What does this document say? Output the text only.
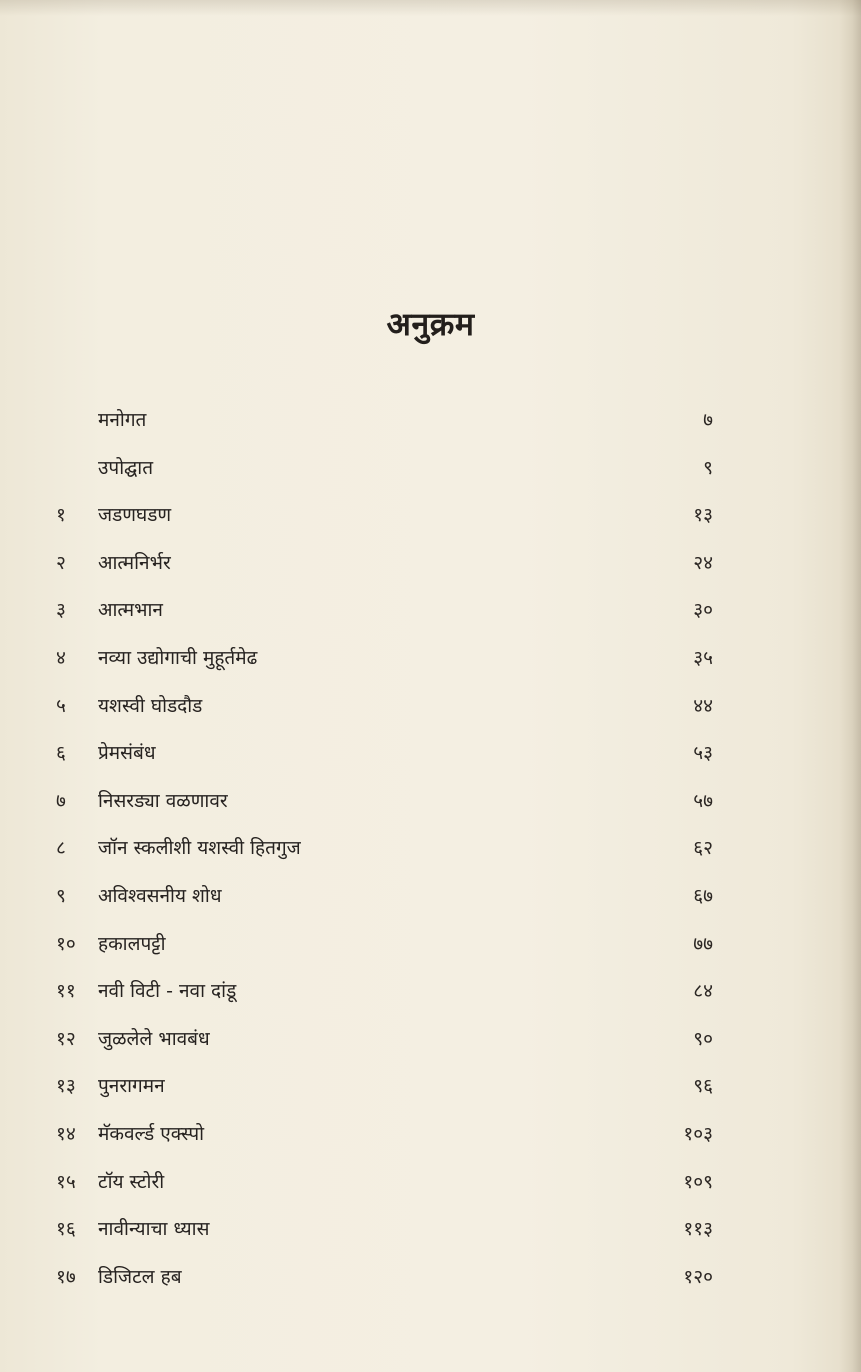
अनुक्रम
मनोगत	७
उपोद्घात	९
१	जडणघडण	१३
२	आत्मनिर्भर	२४
३	आत्मभान	३०
४	नव्या उद्योगाची मुहूर्तमेढ	३५
५	यशस्वी घोडदौड	४४
६	प्रेमसंबंध	५३
७	निसरड्या वळणावर	५७
८	जॉन स्कलीशी यशस्वी हितगुज	६२
९	अविश्वसनीय शोध	६७
१०	हकालपट्टी	७७
११	नवी विटी - नवा दांडू	८४
१२	जुळलेले भावबंध	९०
१३	पुनरागमन	९६
१४	मॅकवर्ल्ड एक्स्पो	१०३
१५	टॉय स्टोरी	१०९
१६	नावीन्याचा ध्यास	११३
१७	डिजिटल हब	१२०
